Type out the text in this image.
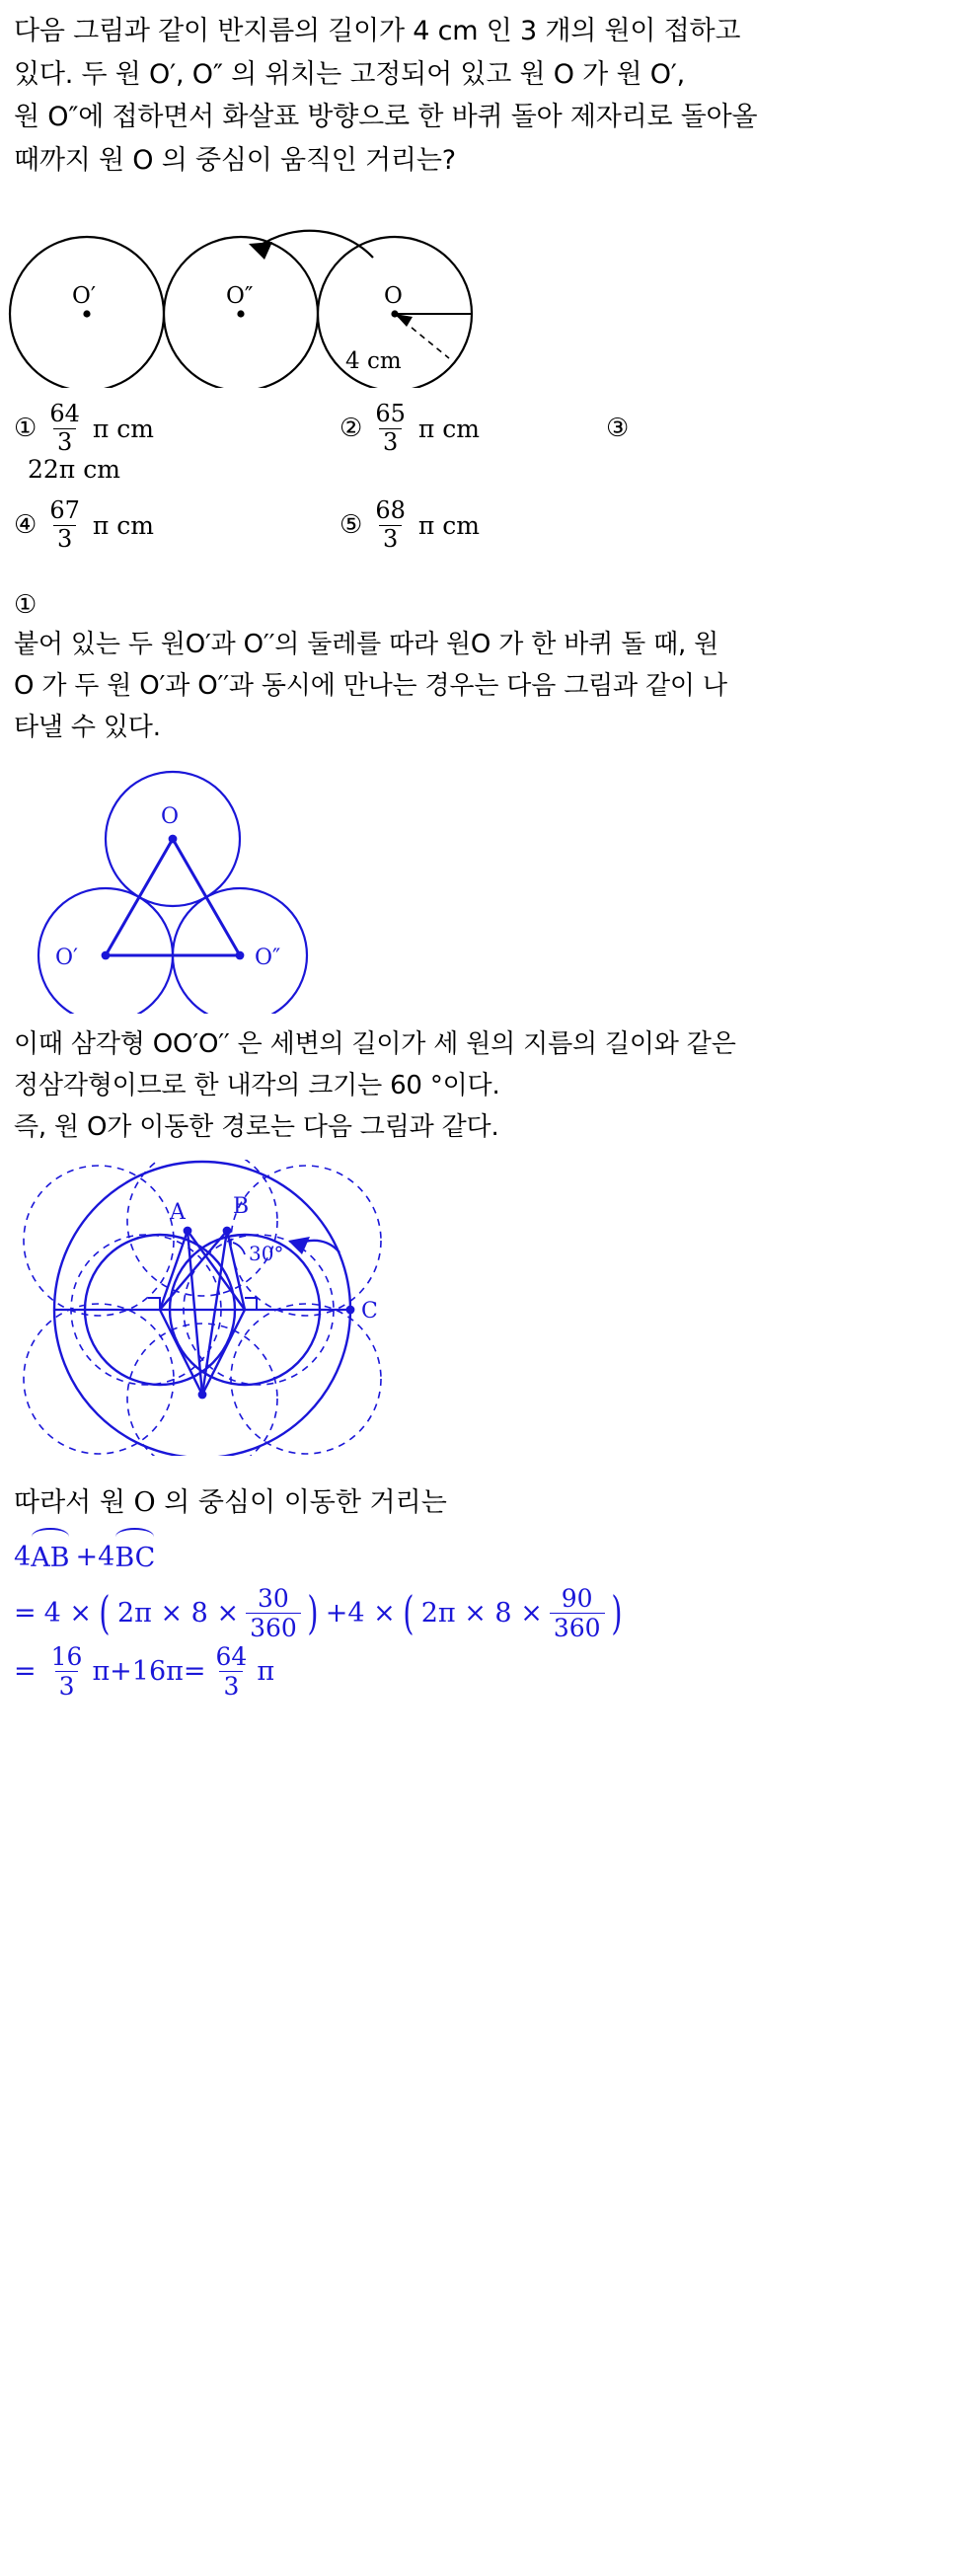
다음 그림과 같이 반지름의 길이가 4 cm 인 3 개의 원이 접하고
있다. 두 원 O′, O″ 의 위치는 고정되어 있고 원 O 가 원 O′,
원 O″에 접하면서 화살표 방향으로 한 바퀴 돌아 제자리로 돌아올
때까지 원 O 의 중심이 움직인 거리는?
O′	O″	O
4 cm
① $\frac{64}{3}$ π cm	② $\frac{65}{3}$ π cm	③
22π cm
④ $\frac{67}{3}$ π cm	⑤ $\frac{68}{3}$ π cm
①
붙어 있는 두 원O′과 O′′의 둘레를 따라 원O 가 한 바퀴 돌 때, 원
O 가 두 원 O′과 O′′과 동시에 만나는 경우는 다음 그림과 같이 나
타낼 수 있다.
O
O′	O″
이때 삼각형 OO′O′′ 은 세변의 길이가 세 원의 지름의 길이와 같은
정삼각형이므로 한 내각의 크기는 60 °이다.
즉, 원 O가 이동한 경로는 다음 그림과 같다.
A B
C
30°
따라서 원 O 의 중심이 이동한 거리는
4 AB +4 BC
= 4 × ( $2\pi \times 8 \times \frac{30}{360}$ ) +4 × ( $2\pi \times 8 \times \frac{90}{360}$ )
= $\frac{16}{3} \pi+16\pi= \frac{64}{3}$ π
